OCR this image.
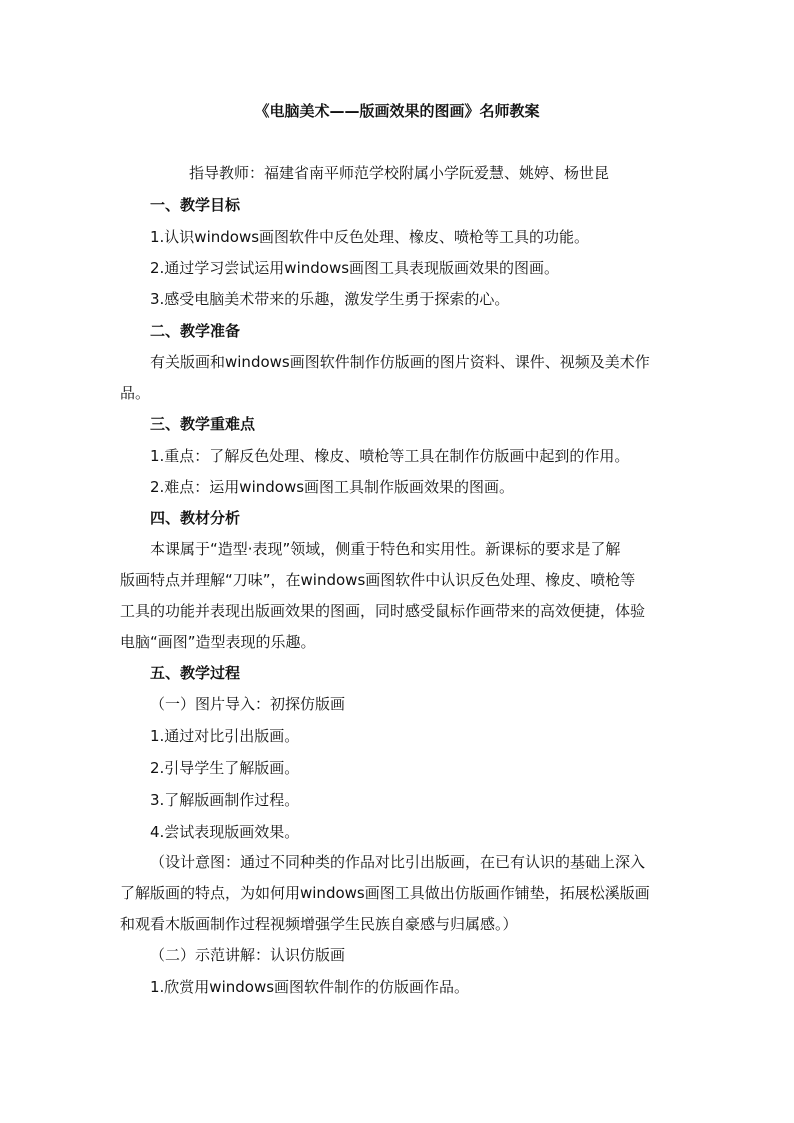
《电脑美术——版画效果的图画》名师教案
指导教师：福建省南平师范学校附属小学阮爱慧、姚婷、杨世昆
一、教学目标
1.认识windows画图软件中反色处理、橡皮、喷枪等工具的功能。
2.通过学习尝试运用windows画图工具表现版画效果的图画。
3.感受电脑美术带来的乐趣，激发学生勇于探索的心。
二、教学准备
有关版画和windows画图软件制作仿版画的图片资料、课件、视频及美术作
品。
三、教学重难点
1.重点：了解反色处理、橡皮、喷枪等工具在制作仿版画中起到的作用。
2.难点：运用windows画图工具制作版画效果的图画。
四、教材分析
本课属于“造型·表现”领域，侧重于特色和实用性。新课标的要求是了解
版画特点并理解“刀味”，在windows画图软件中认识反色处理、橡皮、喷枪等
工具的功能并表现出版画效果的图画，同时感受鼠标作画带来的高效便捷，体验
电脑“画图”造型表现的乐趣。
五、教学过程
（一）图片导入：初探仿版画
1.通过对比引出版画。
2.引导学生了解版画。
3.了解版画制作过程。
4.尝试表现版画效果。
（设计意图：通过不同种类的作品对比引出版画，在已有认识的基础上深入
了解版画的特点，为如何用windows画图工具做出仿版画作铺垫，拓展松溪版画
和观看木版画制作过程视频增强学生民族自豪感与归属感。）
（二）示范讲解：认识仿版画
1.欣赏用windows画图软件制作的仿版画作品。
